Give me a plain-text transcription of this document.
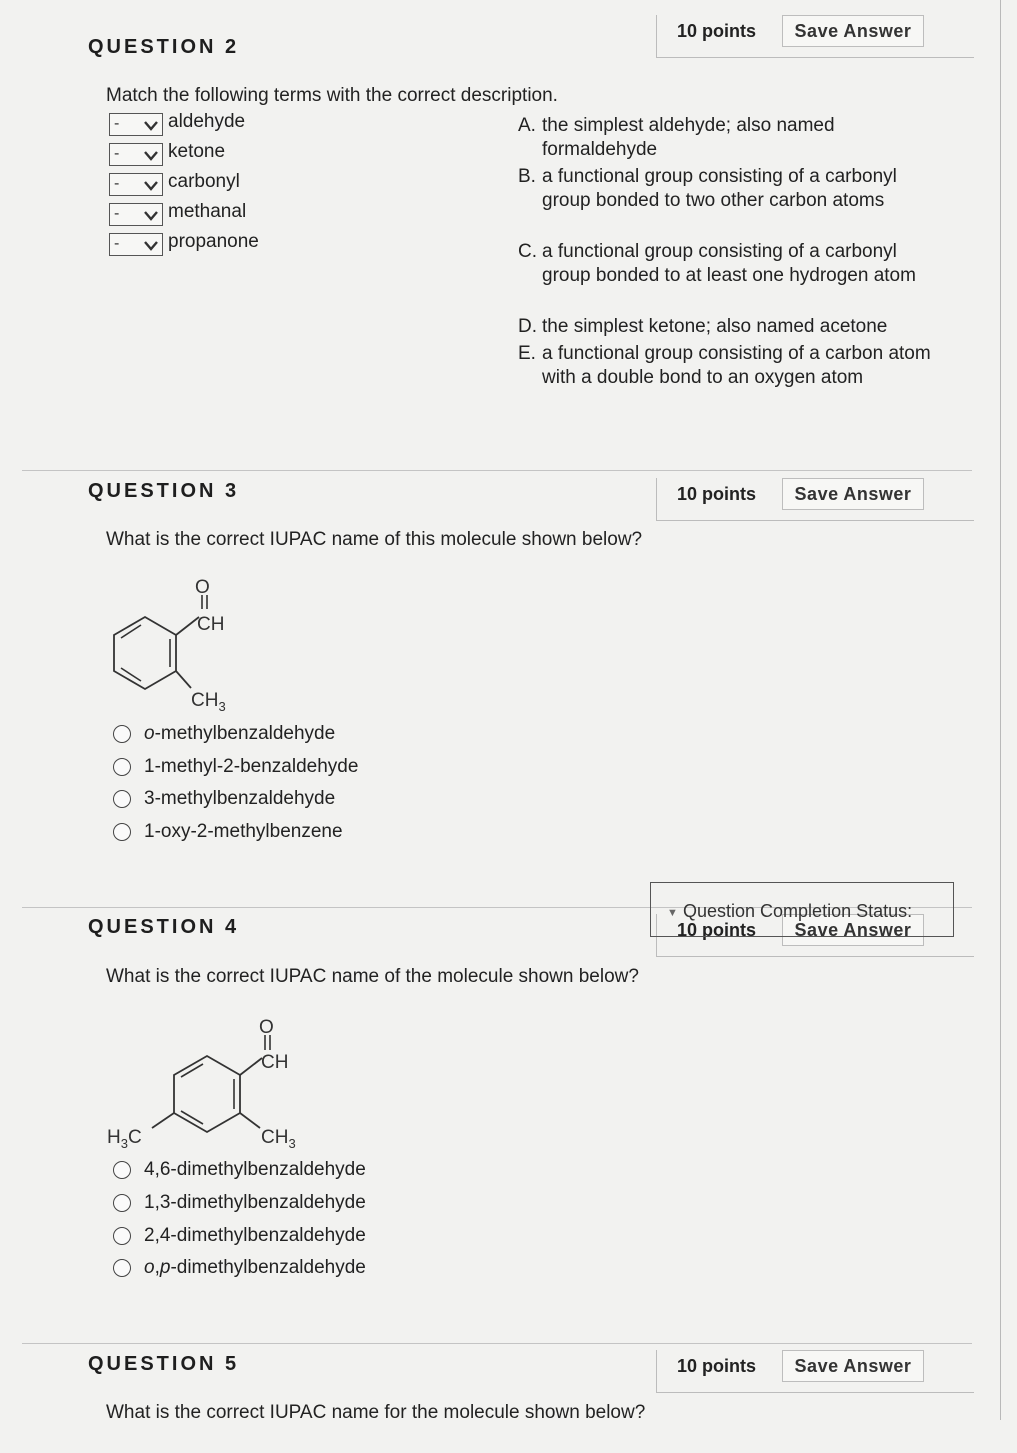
10 points	Save Answer
QUESTION 2
Match the following terms with the correct description.
-	aldehyde
-	ketone
-	carbonyl
-	methanal
-	propanone
A. the simplest aldehyde; also named formaldehyde
B. a functional group consisting of a carbonyl group bonded to two other carbon atoms
C. a functional group consisting of a carbonyl group bonded to at least one hydrogen atom
D. the simplest ketone; also named acetone
E. a functional group consisting of a carbon atom with a double bond to an oxygen atom
10 points	Save Answer
QUESTION 3
What is the correct IUPAC name of this molecule shown below?
O
CH
$CH_3$
o-methylbenzaldehyde
1-methyl-2-benzaldehyde
3-methylbenzaldehyde
1-oxy-2-methylbenzene
10 points	Save Answer
▼ Question Completion Status:
QUESTION 4
What is the correct IUPAC name of the molecule shown below?
O
CH
$CH_3$
$H_3C$
4,6-dimethylbenzaldehyde
1,3-dimethylbenzaldehyde
2,4-dimethylbenzaldehyde
o,p-dimethylbenzaldehyde
10 points	Save Answer
QUESTION 5
What is the correct IUPAC name for the molecule shown below?
